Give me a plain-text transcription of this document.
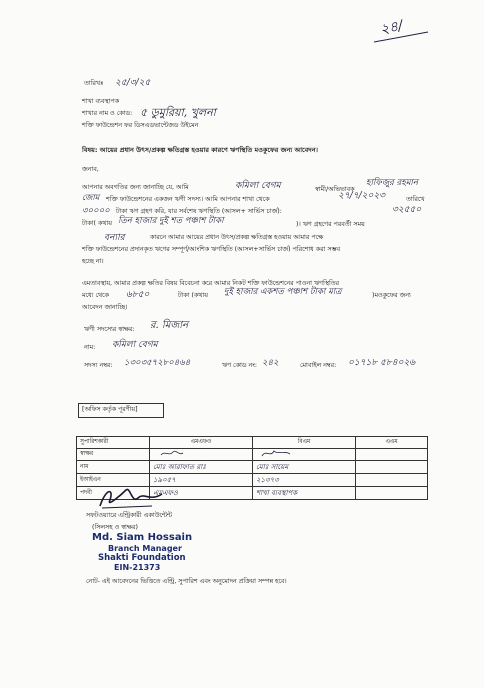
২৪/
তারিখঃ ২৫/৩/২৫
শাখা ব্যবস্থাপক
শাখার নাম ও কোড: ৫ ডুমুরিয়া, খুলনা
শক্তি ফাউন্ডেশন ফর ডিসএডভান্টেজড উইমেন
বিষয়: আয়ের প্রধান উৎস/প্রকল্প ক্ষতিগ্রস্ত হওয়ার কারণে ঋণস্থিতি মওকুফের জন্য আবেদন।
জনাব,
আপনার অবগতির জন্য জানাচ্ছি যে, আমি	কমিলা বেগম	স্বামী/অভিভাবক
হাফিজুর রহমান
জোম শক্তি ফাউন্ডেশনের একজন ঋণী সদস্য। আমি আপনার শাখা থেকে	২৭/৭/২০২৩	তারিখে
৩০০০০ টাকা ঋণ গ্রহণ করি, যার সর্বশেষ ঋণস্থিতি (আসল+ সার্ভিস চার্জ):	৩২৫৫০
টাকা( কথায় তিন হাজার দুই শত পঞ্চাশ টাকা	)। ঋণ গ্রহণের পরবর্তী সময়
বন্যার	কারনে আমার আয়ের প্রধান উৎস/প্রকল্প ক্ষতিগ্রস্ত হওয়ায় আমার পক্ষে
শক্তি ফাউন্ডেশনের প্রদানকৃত ঋণের সম্পূর্ণ/আংশিক ঋণস্থিতি (আসল+সার্ভিস চার্জ) পরিশোধ করা সম্ভব
হচ্ছে না।
এমতাবস্থায়, আমার প্রকল্প ক্ষতির বিষয় বিবেচনা করে আমার নিকট শক্তি ফাউন্ডেশনের পাওনা ঋণস্থিতির
মধ্যে থেকে ৬৮৫০	টাকা (কথায় দুই হাজার একশত পঞ্চাশ টাকা মাত্র	)মওকুফের জন্য
আবেদন জানাচ্ছি।
ঋণী সদস্যের স্বাক্ষর: র. মিজান
নাম: কমিলা বেগম
সদস্য নম্বর: ১৩০৩৫৭২৮০৪৬৪	ঋণ কোড নং: ২৪২	মোবাইল নম্বর: ০১৭১৮ ৫৮৪০২৬
[অফিস কর্তৃক পূরণীয়]
সুপারিশকারী	এমএফও	বিএম	এএম
স্বাক্ষর			
নাম	মোঃ আরাফাত রাঃ	মোঃ সায়েম	
ইআইএন	১৯০৫৭	২১৩৭৩	
পদবী	এমএফও	শাখা ব্যবস্থাপক	
সফটওয়্যারে এন্ট্রিকারী একাউন্টেন্ট
(সিলসহ ও স্বাক্ষর)
Md. Siam Hossain
Branch Manager
Shakti Foundation
EIN-21373
নোট- এই আবেদনের ভিত্তিতে এন্ট্রি, সুপারিশ এবং অনুমোদন প্রক্রিয়া সম্পন্ন হবে।
